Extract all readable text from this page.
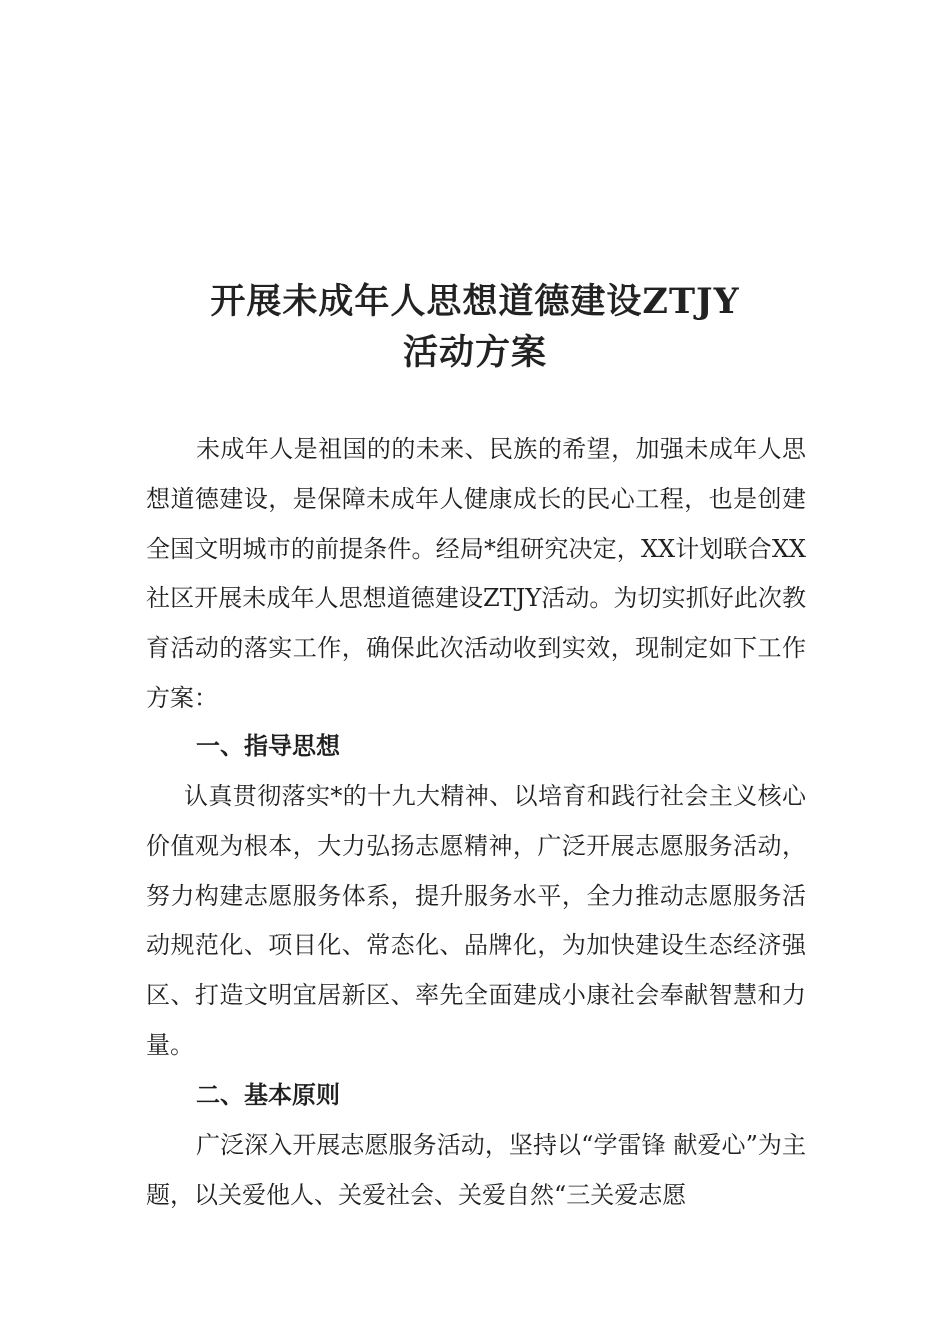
开展未成年人思想道德建设ZTJY
活动方案

未成年人是祖国的的未来、民族的希望，加强未成年人思想道德建设，是保障未成年人健康成长的民心工程，也是创建全国文明城市的前提条件。经局*组研究决定，XX计划联合XX社区开展未成年人思想道德建设ZTJY活动。为切实抓好此次教育活动的落实工作，确保此次活动收到实效，现制定如下工作方案：

一、指导思想

认真贯彻落实*的十九大精神、以培育和践行社会主义核心价值观为根本，大力弘扬志愿精神，广泛开展志愿服务活动，努力构建志愿服务体系，提升服务水平，全力推动志愿服务活动规范化、项目化、常态化、品牌化，为加快建设生态经济强区、打造文明宜居新区、率先全面建成小康社会奉献智慧和力量。

二、基本原则

广泛深入开展志愿服务活动，坚持以“学雷锋 献爱心”为主题，以关爱他人、关爱社会、关爱自然“三关爱志愿
